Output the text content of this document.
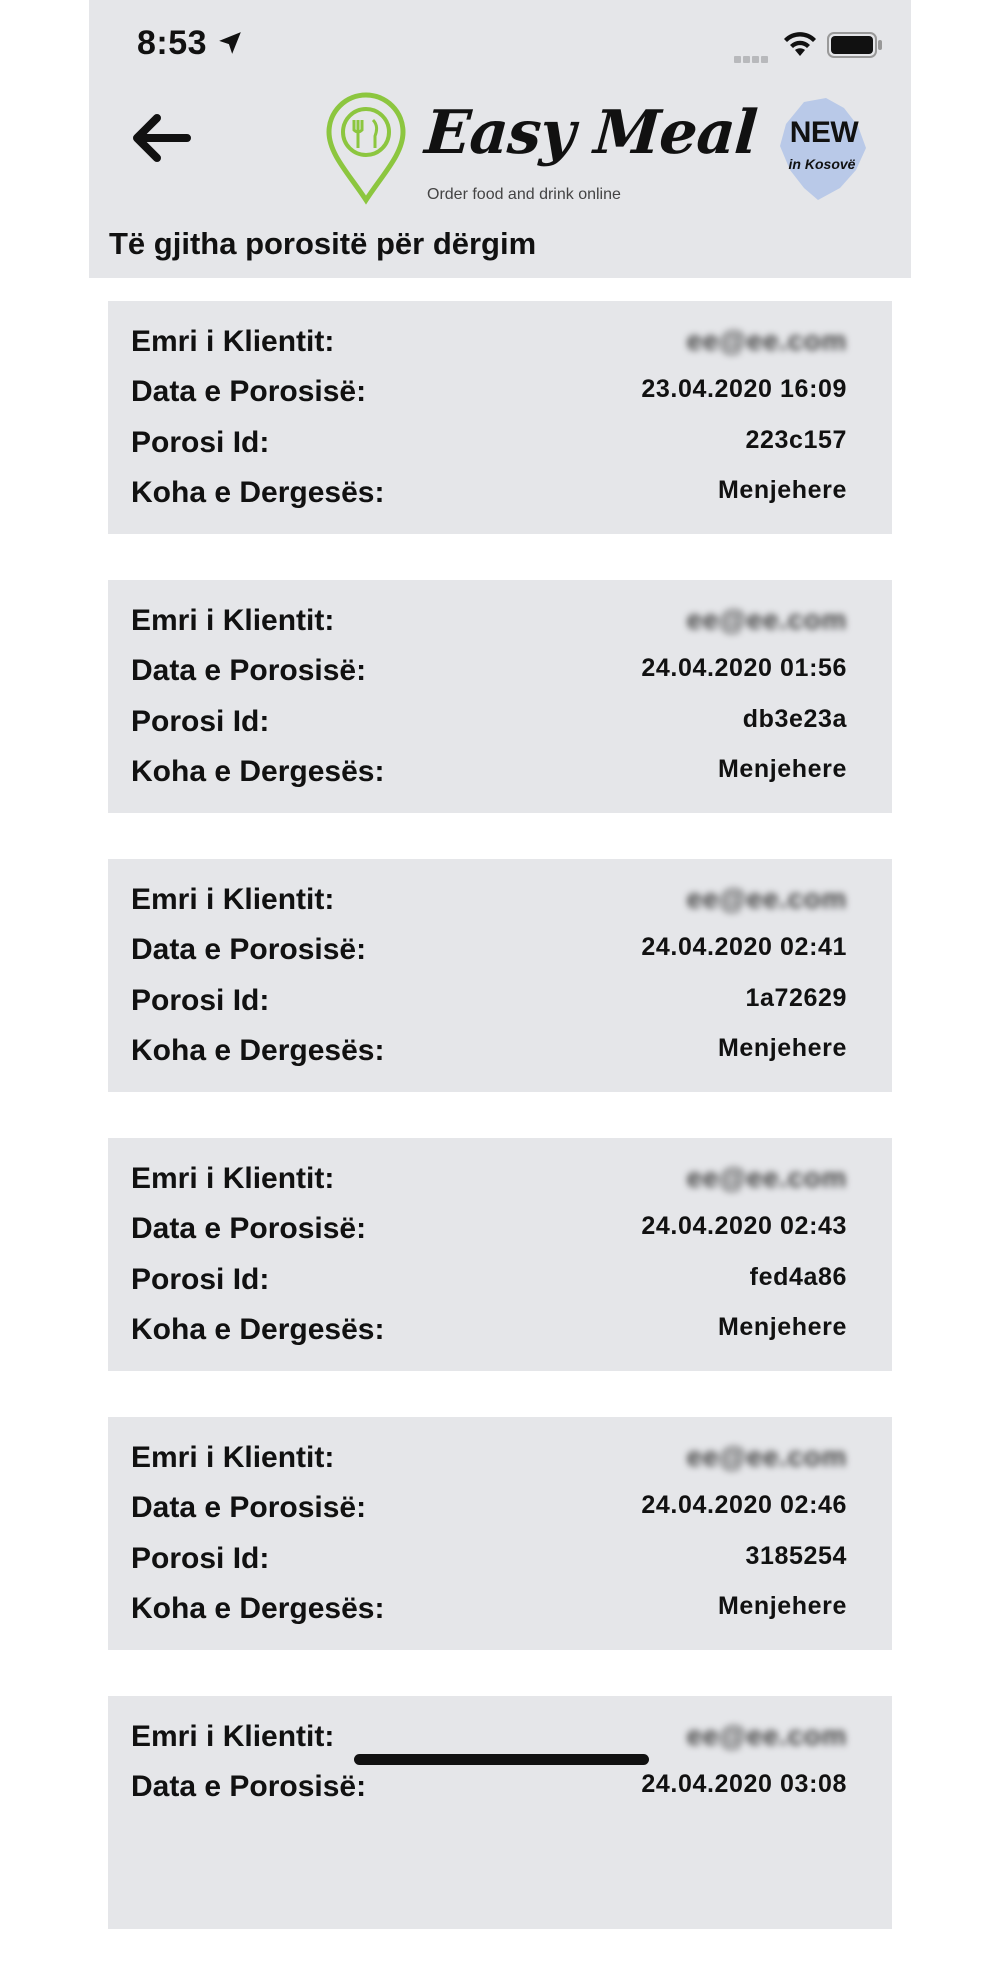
8:53
Easy Meal
Order food and drink online
NEW
in Kosovë
Të gjitha porositë për dërgim
Emri i Klientit:	ee@ee.com
Data e Porosisë:	23.04.2020 16:09
Porosi Id:	223c157
Koha e Dergesës:	Menjehere
Emri i Klientit:	ee@ee.com
Data e Porosisë:	24.04.2020 01:56
Porosi Id:	db3e23a
Koha e Dergesës:	Menjehere
Emri i Klientit:	ee@ee.com
Data e Porosisë:	24.04.2020 02:41
Porosi Id:	1a72629
Koha e Dergesës:	Menjehere
Emri i Klientit:	ee@ee.com
Data e Porosisë:	24.04.2020 02:43
Porosi Id:	fed4a86
Koha e Dergesës:	Menjehere
Emri i Klientit:	ee@ee.com
Data e Porosisë:	24.04.2020 02:46
Porosi Id:	3185254
Koha e Dergesës:	Menjehere
Emri i Klientit:	ee@ee.com
Data e Porosisë:	24.04.2020 03:08
